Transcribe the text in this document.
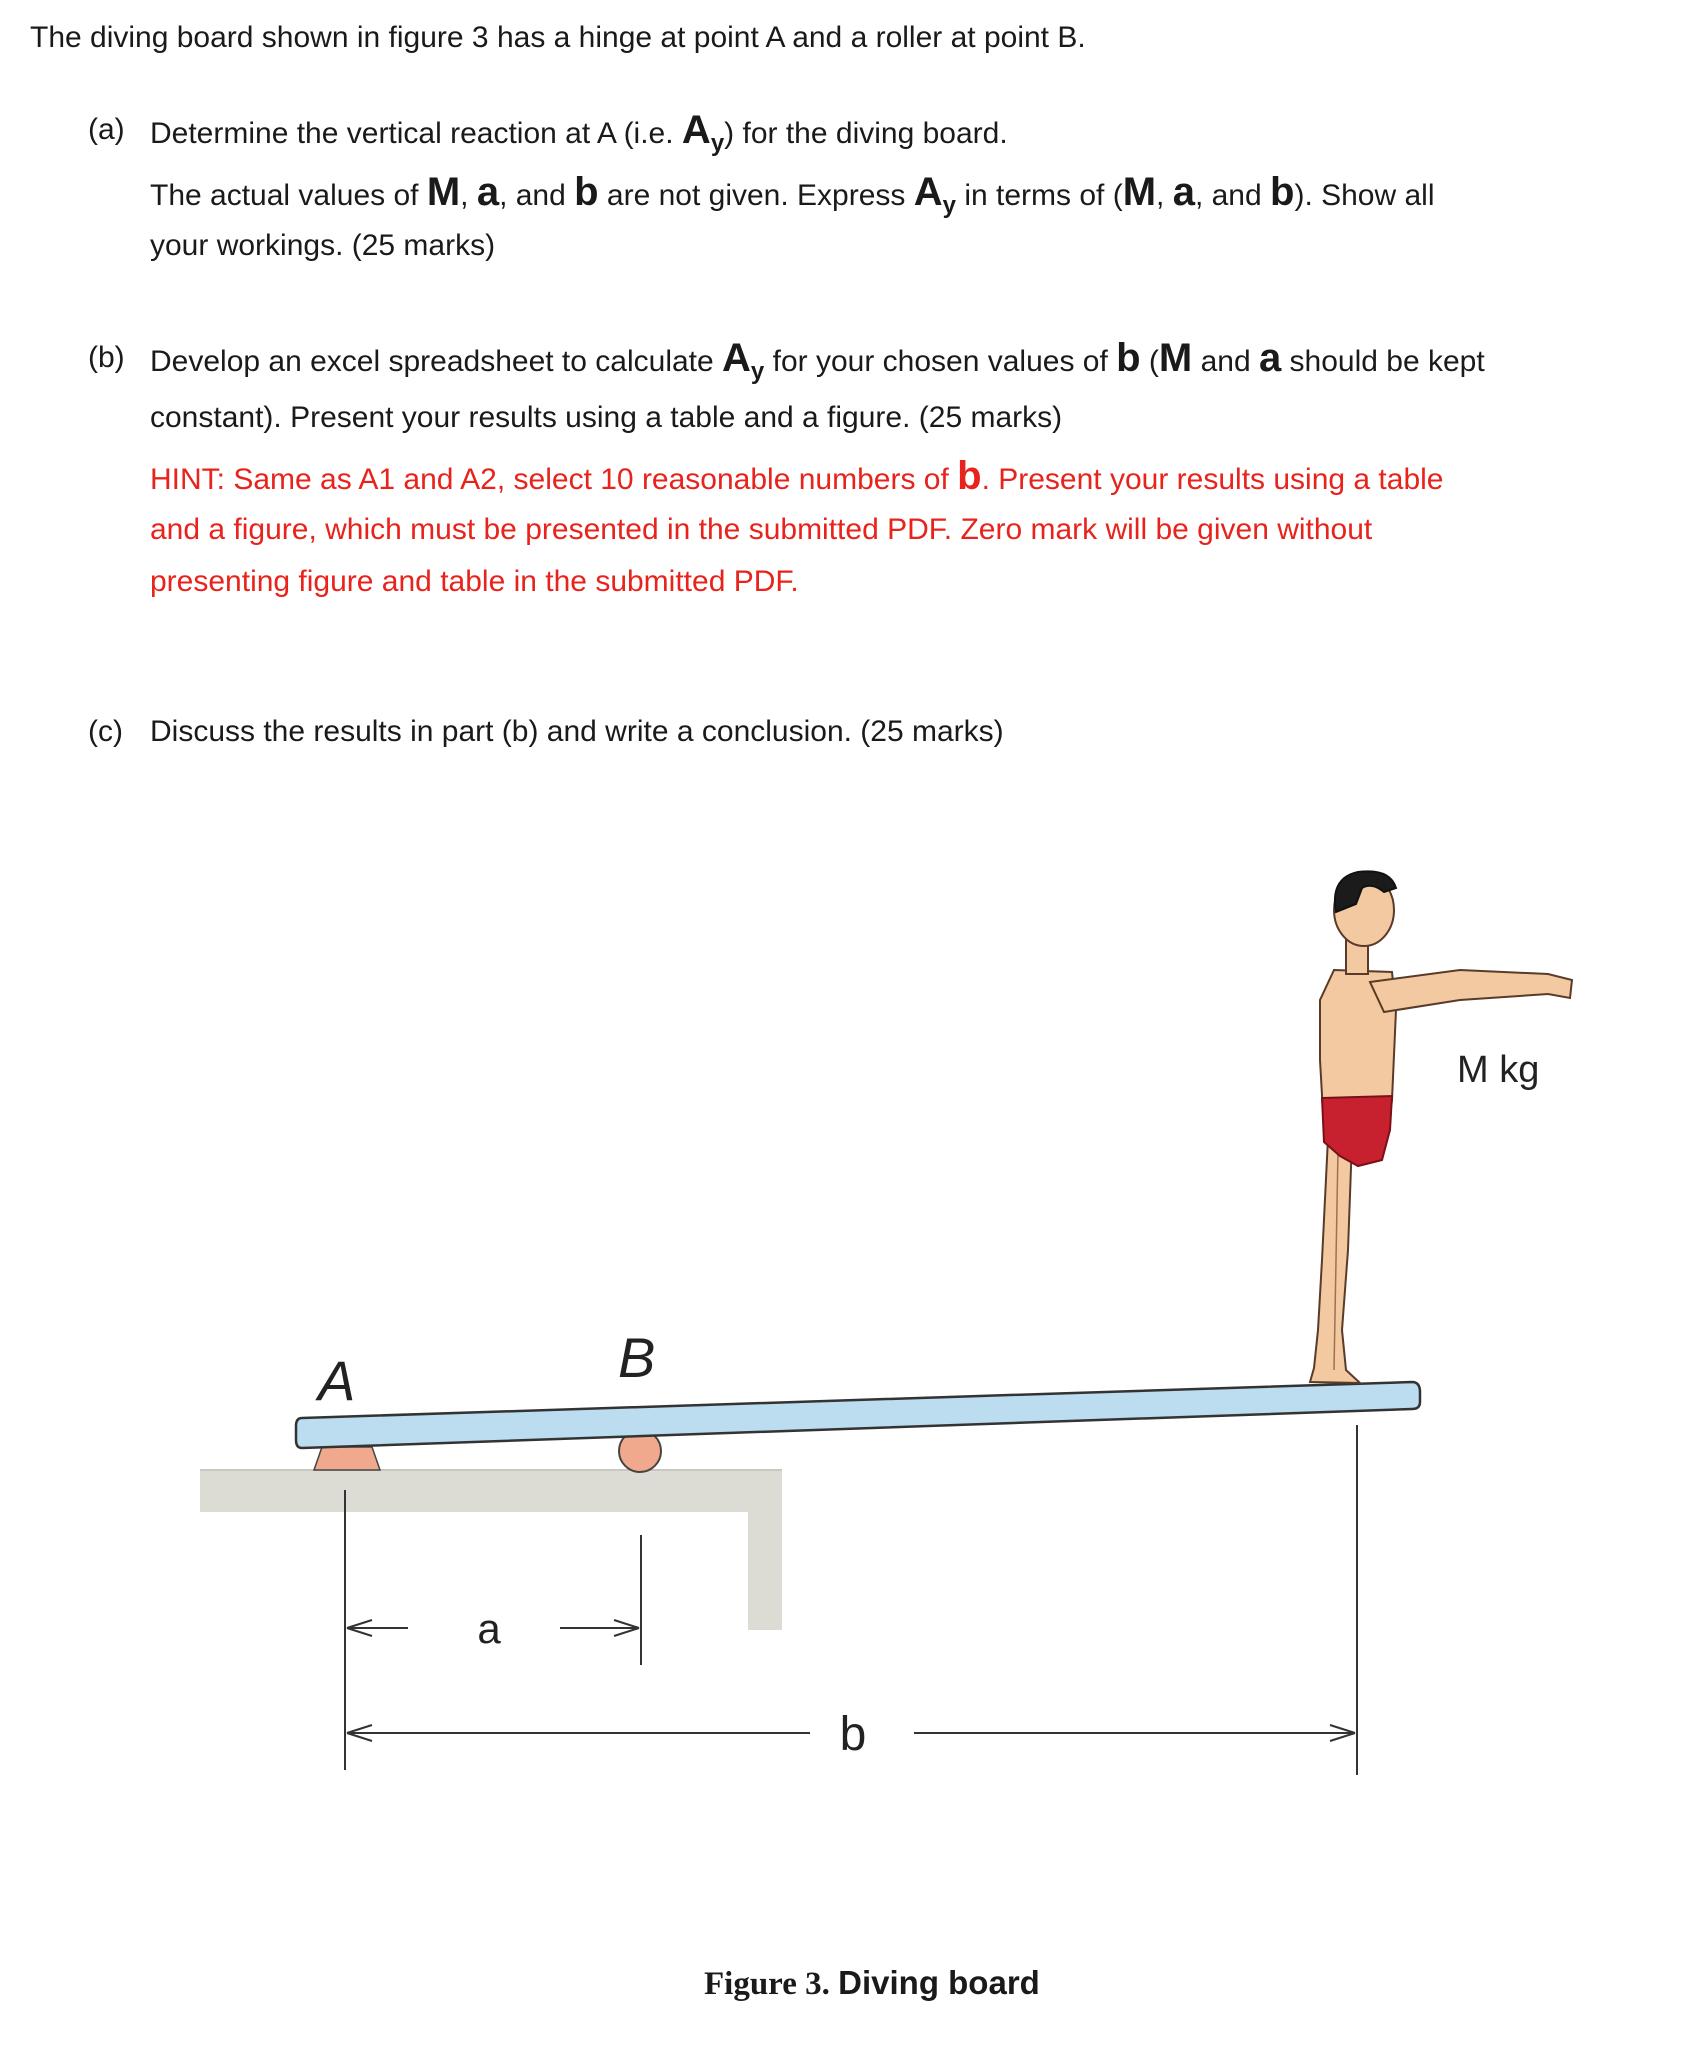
The diving board shown in figure 3 has a hinge at point A and a roller at point B.
(a) Determine the vertical reaction at A (i.e. $A_y$) for the diving board.
The actual values of M, a, and b are not given. Express $A_y$ in terms of (M, a, and b). Show all
your workings. (25 marks)
(b) Develop an excel spreadsheet to calculate $A_y$ for your chosen values of b (M and a should be kept
constant). Present your results using a table and a figure. (25 marks)
HINT: Same as A1 and A2, select 10 reasonable numbers of b. Present your results using a table
and a figure, which must be presented in the submitted PDF. Zero mark will be given without
presenting figure and table in the submitted PDF.
(c) Discuss the results in part (b) and write a conclusion. (25 marks)
A	B
a
b
M kg
Figure 3. Diving board
